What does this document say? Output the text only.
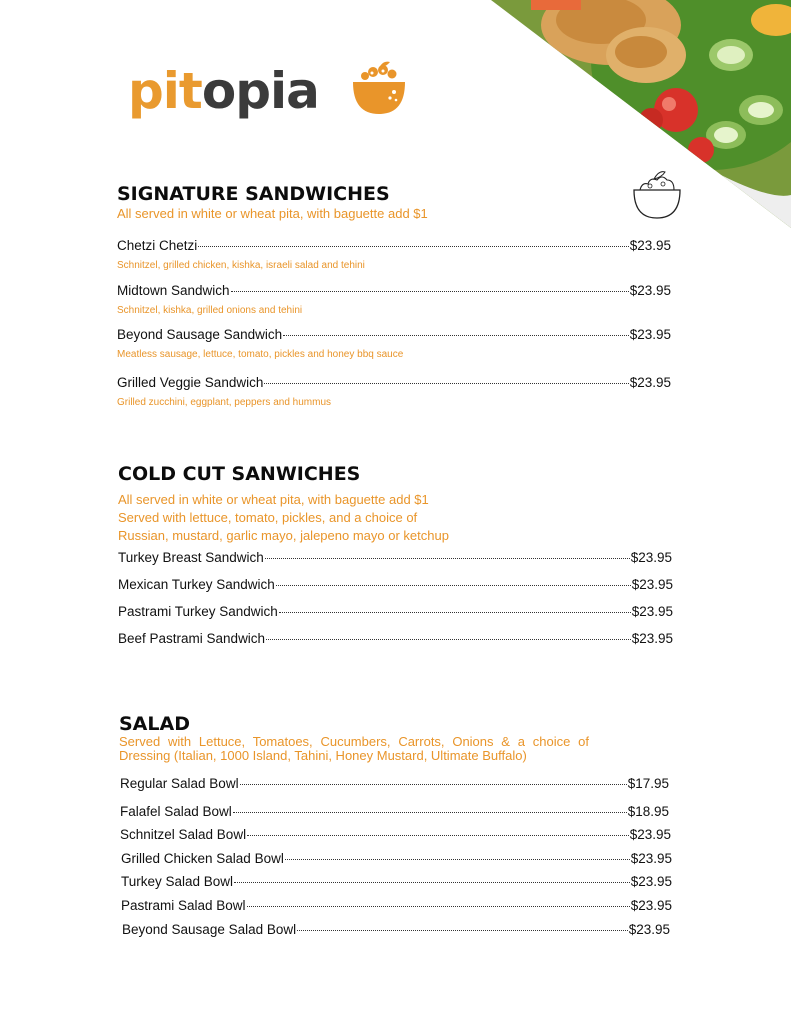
pitopia
SIGNATURE SANDWICHES
All served in white or wheat pita, with baguette add $1
Chetzi Chetzi	$23.95
Schnitzel, grilled chicken, kishka, israeli salad and tehini
Midtown Sandwich	$23.95
Schnitzel, kishka, grilled onions and tehini
Beyond Sausage Sandwich	$23.95
Meatless sausage, lettuce, tomato, pickles and honey bbq sauce
Grilled Veggie Sandwich	$23.95
Grilled zucchini, eggplant, peppers and hummus
COLD CUT SANWICHES
All served in white or wheat pita, with baguette add $1
Served with lettuce, tomato, pickles, and a choice of
Russian, mustard, garlic mayo, jalepeno mayo or ketchup
Turkey Breast Sandwich	$23.95
Mexican Turkey Sandwich	$23.95
Pastrami Turkey Sandwich	$23.95
Beef Pastrami Sandwich	$23.95
SALAD
Served with Lettuce, Tomatoes, Cucumbers, Carrots, Onions & a choice of
Dressing (Italian, 1000 Island, Tahini, Honey Mustard, Ultimate Buffalo)
Regular Salad Bowl	$17.95
Falafel Salad Bowl	$18.95
Schnitzel Salad Bowl	$23.95
Grilled Chicken Salad Bowl	$23.95
Turkey Salad Bowl	$23.95
Pastrami Salad Bowl	$23.95
Beyond Sausage Salad Bowl	$23.95
